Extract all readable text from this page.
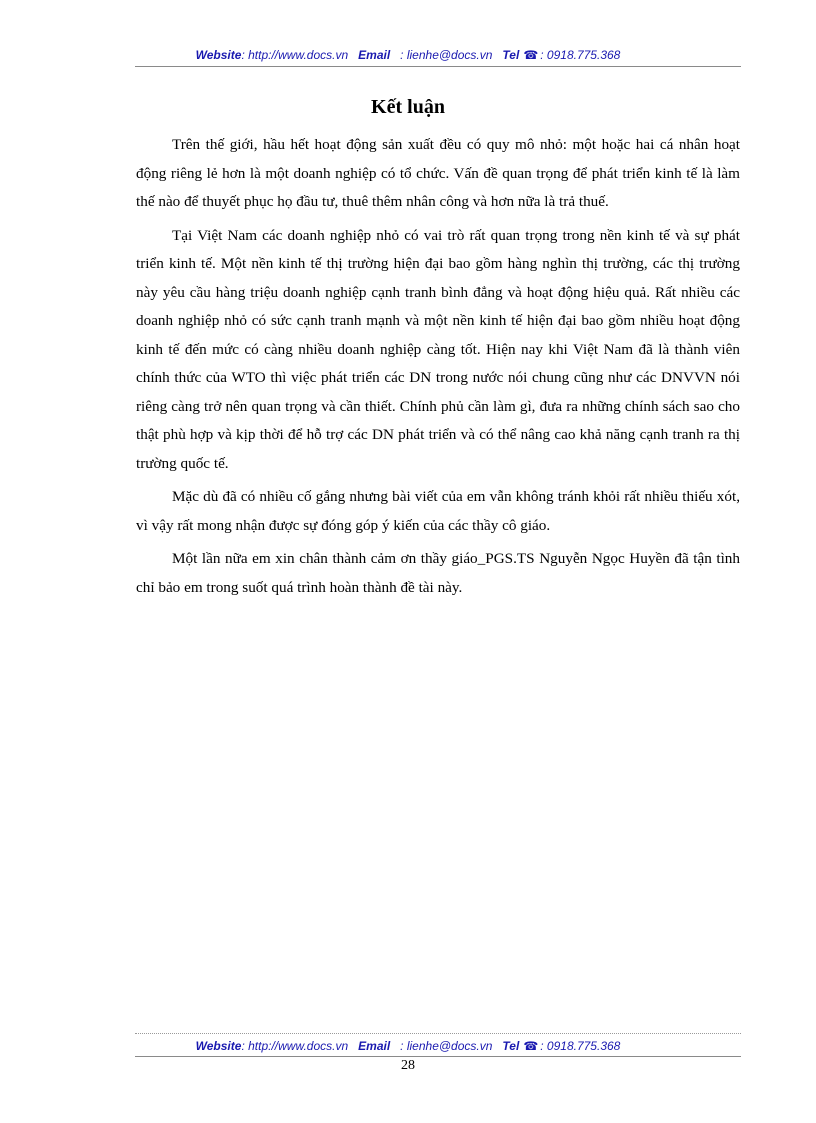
Website: http://www.docs.vn Email : lienhe@docs.vn Tel ☎ : 0918.775.368
Kết luận

Trên thế giới, hầu hết hoạt động sản xuất đều có quy mô nhỏ: một hoặc hai cá nhân hoạt động riêng lẻ hơn là một doanh nghiệp có tổ chức. Vấn đề quan trọng để phát triển kinh tế là làm thế nào để thuyết phục họ đầu tư, thuê thêm nhân công và hơn nữa là trả thuế.

Tại Việt Nam các doanh nghiệp nhỏ có vai trò rất quan trọng trong nền kinh tế và sự phát triển kinh tế. Một nền kinh tế thị trường hiện đại bao gồm hàng nghìn thị trường, các thị trường này yêu cầu hàng triệu doanh nghiệp cạnh tranh bình đẳng và hoạt động hiệu quả. Rất nhiều các doanh nghiệp nhỏ có sức cạnh tranh mạnh và một nền kinh tế hiện đại bao gồm nhiều hoạt động kinh tế đến mức có càng nhiều doanh nghiệp càng tốt. Hiện nay khi Việt Nam đã là thành viên chính thức của WTO thì việc phát triển các DN trong nước nói chung cũng như các DNVVN nói riêng càng trở nên quan trọng và cần thiết. Chính phủ cần làm gì, đưa ra những chính sách sao cho thật phù hợp và kịp thời để hỗ trợ các DN phát triển và có thể nâng cao khả năng cạnh tranh ra thị trường quốc tế.

Mặc dù đã có nhiều cố gắng nhưng bài viết của em vẫn không tránh khỏi rất nhiều thiếu xót, vì vậy rất mong nhận được sự đóng góp ý kiến của các thầy cô giáo.

Một lần nữa em xin chân thành cảm ơn thầy giáo_PGS.TS Nguyễn Ngọc Huyền đã tận tình chỉ bảo em trong suốt quá trình hoàn thành đề tài này.

Website: http://www.docs.vn Email : lienhe@docs.vn Tel ☎ : 0918.775.368
28
